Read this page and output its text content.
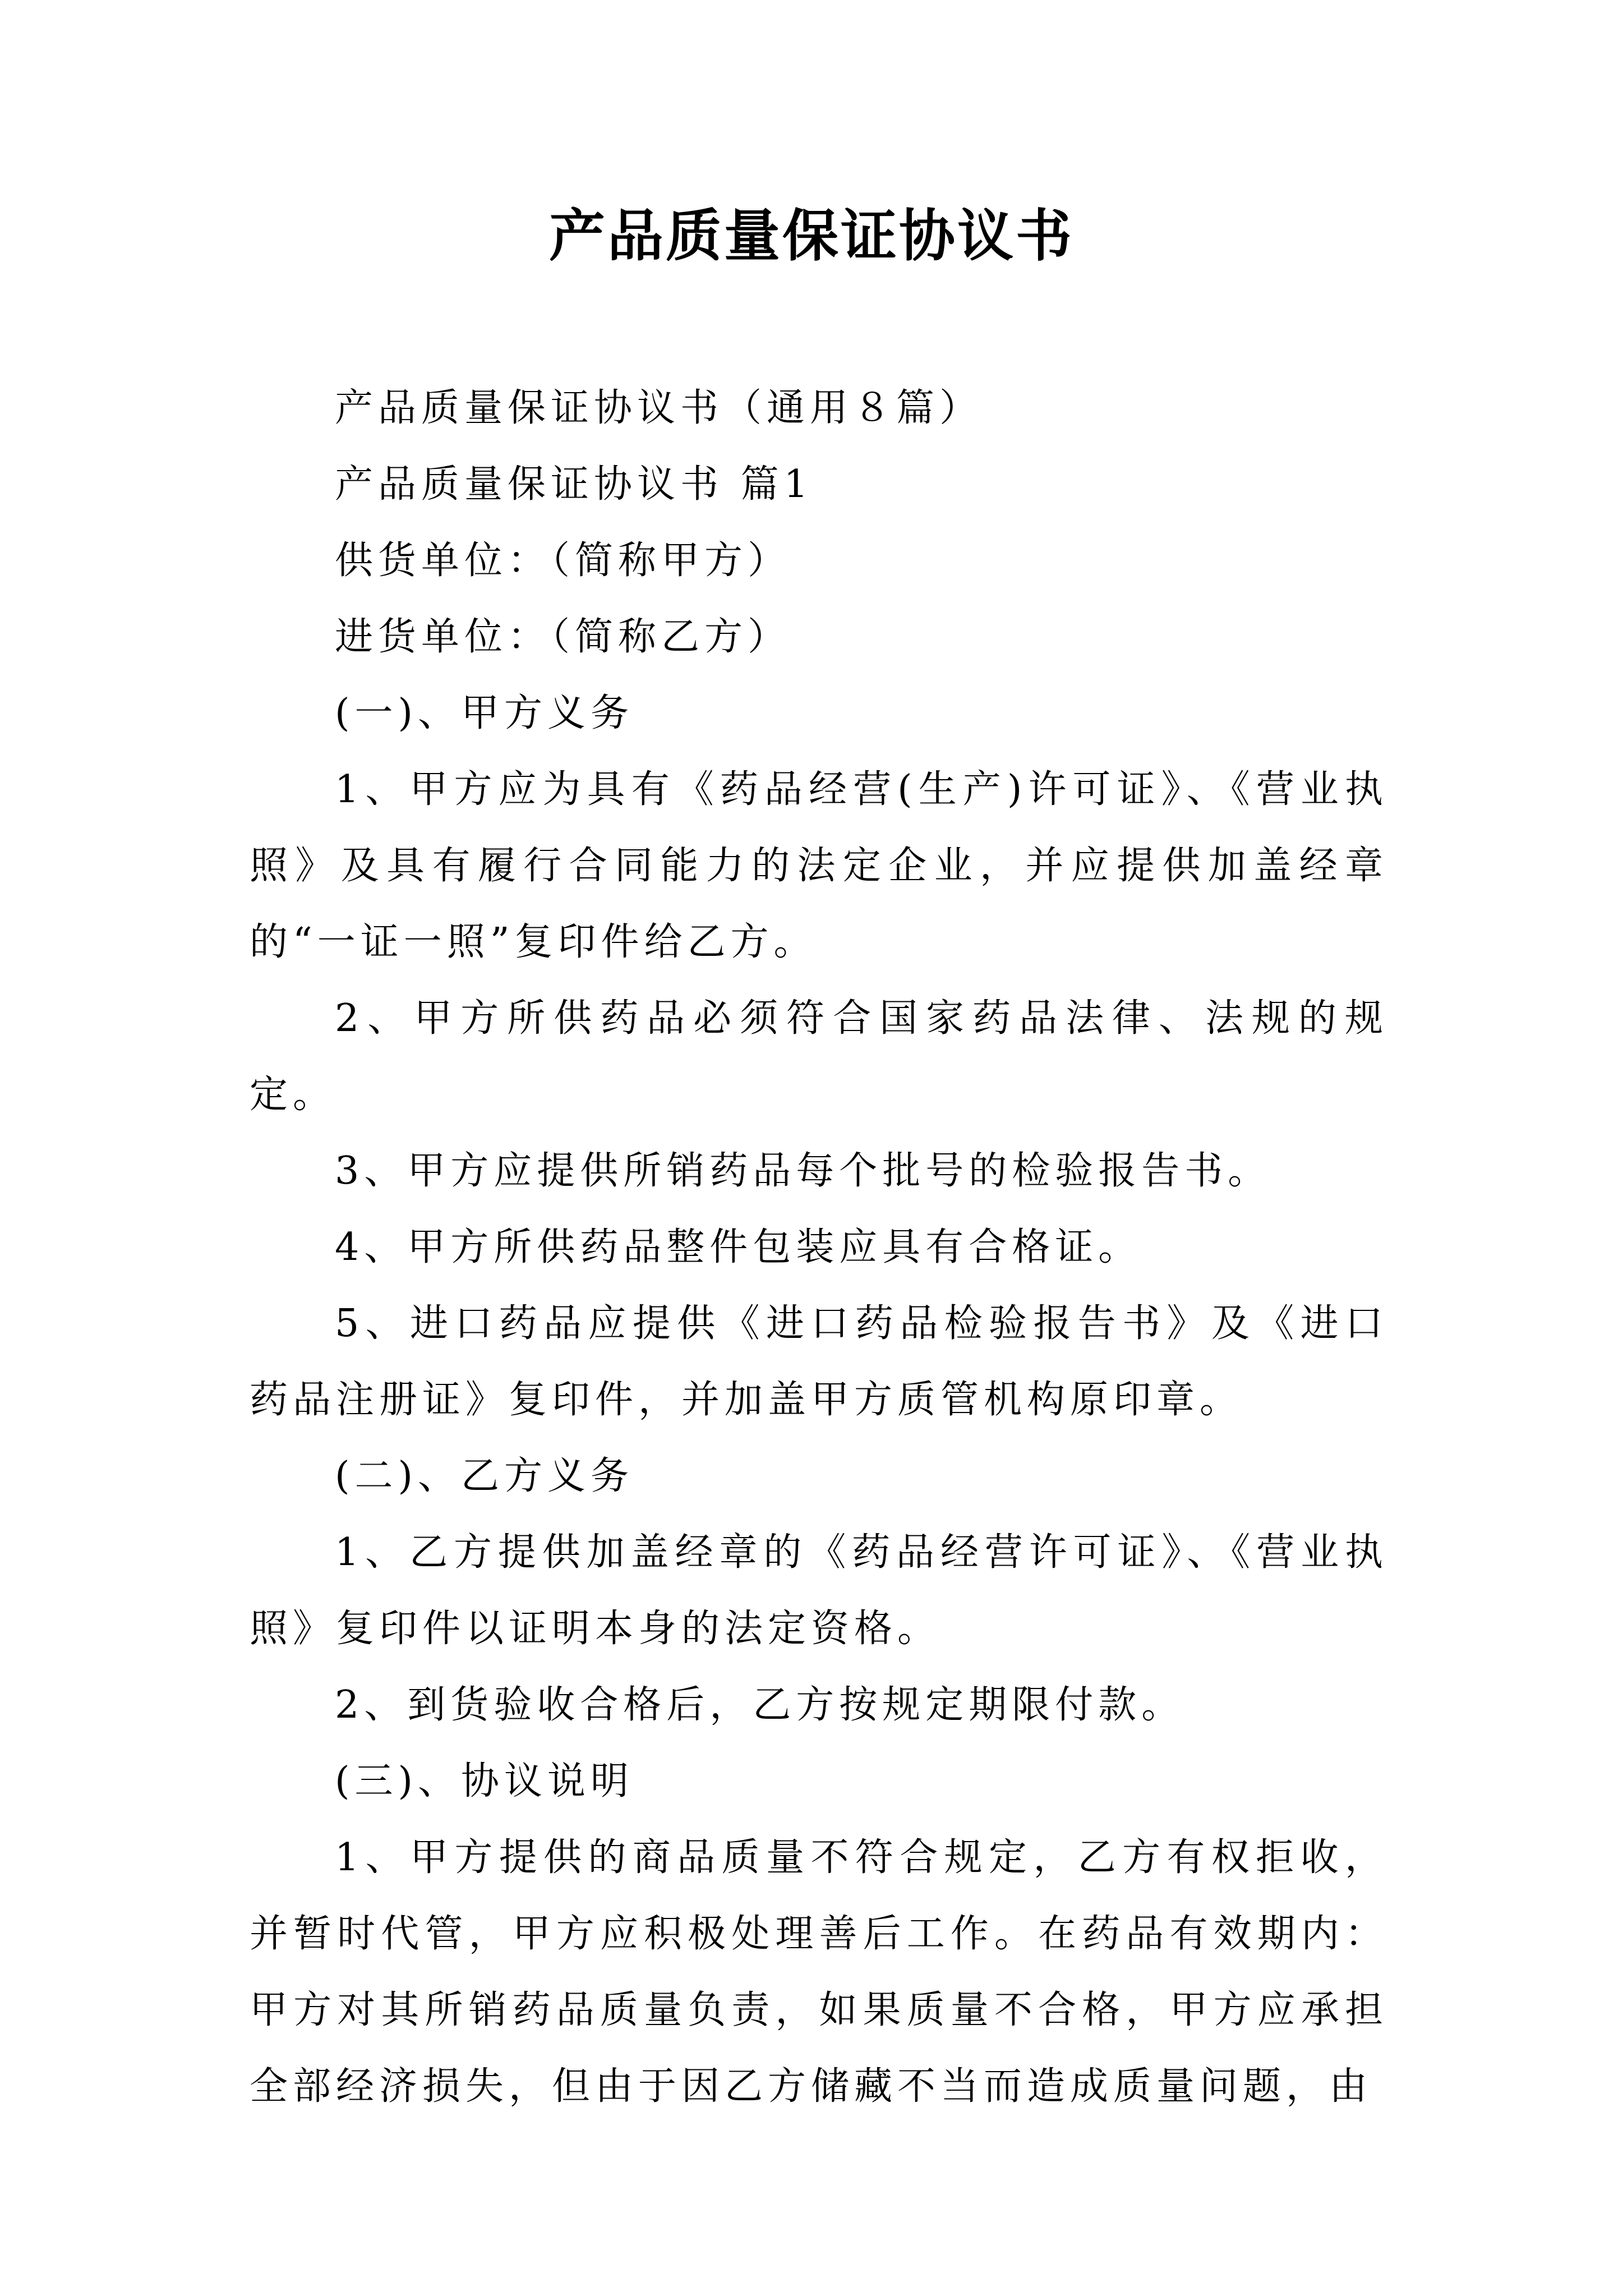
产品质量保证协议书

产品质量保证协议书（通用８篇）

产品质量保证协议书 篇1

供货单位：（简称甲方）

进货单位：（简称乙方）

(一)、甲方义务

1、甲方应为具有《药品经营(生产)许可证》、《营业执照》及具有履行合同能力的法定企业，并应提供加盖经章的“一证一照”复印件给乙方。

2、甲方所供药品必须符合国家药品法律、法规的规定。

3、甲方应提供所销药品每个批号的检验报告书。

4、甲方所供药品整件包装应具有合格证。

5、进口药品应提供《进口药品检验报告书》及《进口药品注册证》复印件，并加盖甲方质管机构原印章。

(二)、乙方义务

1、乙方提供加盖经章的《药品经营许可证》、《营业执照》复印件以证明本身的法定资格。

2、到货验收合格后，乙方按规定期限付款。

(三)、协议说明

1、甲方提供的商品质量不符合规定，乙方有权拒收，并暂时代管，甲方应积极处理善后工作。在药品有效期内：甲方对其所销药品质量负责，如果质量不合格，甲方应承担全部经济损失，但由于因乙方储藏不当而造成质量问题，由
